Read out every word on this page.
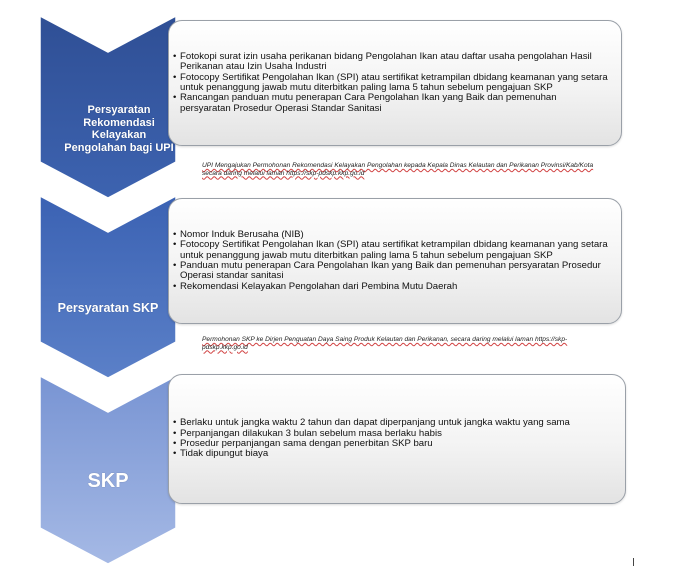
Persyaratan Rekomendasi Kelayakan Pengolahan bagi UPI
Persyaratan SKP
SKP
• Fotokopi surat izin usaha perikanan bidang Pengolahan Ikan atau daftar usaha pengolahan Hasil Perikanan atau Izin Usaha Industri
• Fotocopy Sertifikat Pengolahan Ikan (SPI) atau sertifikat ketrampilan dbidang keamanan yang setara untuk penanggung jawab mutu diterbitkan paling lama 5 tahun sebelum pengajuan SKP
• Rancangan panduan mutu penerapan Cara Pengolahan Ikan yang Baik dan pemenuhan persyaratan Prosedur Operasi Standar Sanitasi
UPI Mengajukan Permohonan Rekomendasi Kelayakan Pengolahan kepada Kepala Dinas Kelautan dan Perikanan Provinsi/Kab/Kota secara daring melalui laman https://skp-pdskp.kkp.go.id
• Nomor Induk Berusaha (NIB)
• Fotocopy Sertifikat Pengolahan Ikan (SPI) atau sertifikat ketrampilan dbidang keamanan yang setara untuk penanggung jawab mutu diterbitkan paling lama 5 tahun sebelum pengajuan SKP
• Panduan mutu penerapan Cara Pengolahan Ikan yang Baik dan pemenuhan persyaratan Prosedur Operasi standar sanitasi
• Rekomendasi Kelayakan Pengolahan dari Pembina Mutu Daerah
Permohonan SKP ke Dirjen Penguatan Daya Saing Produk Kelautan dan Perikanan, secara daring melalui laman https://skp-pdskp.kkp.go.id
• Berlaku untuk jangka waktu 2 tahun dan dapat diperpanjang untuk jangka waktu yang sama
• Perpanjangan dilakukan 3 bulan sebelum masa berlaku habis
• Prosedur perpanjangan sama dengan penerbitan SKP baru
• Tidak dipungut biaya
